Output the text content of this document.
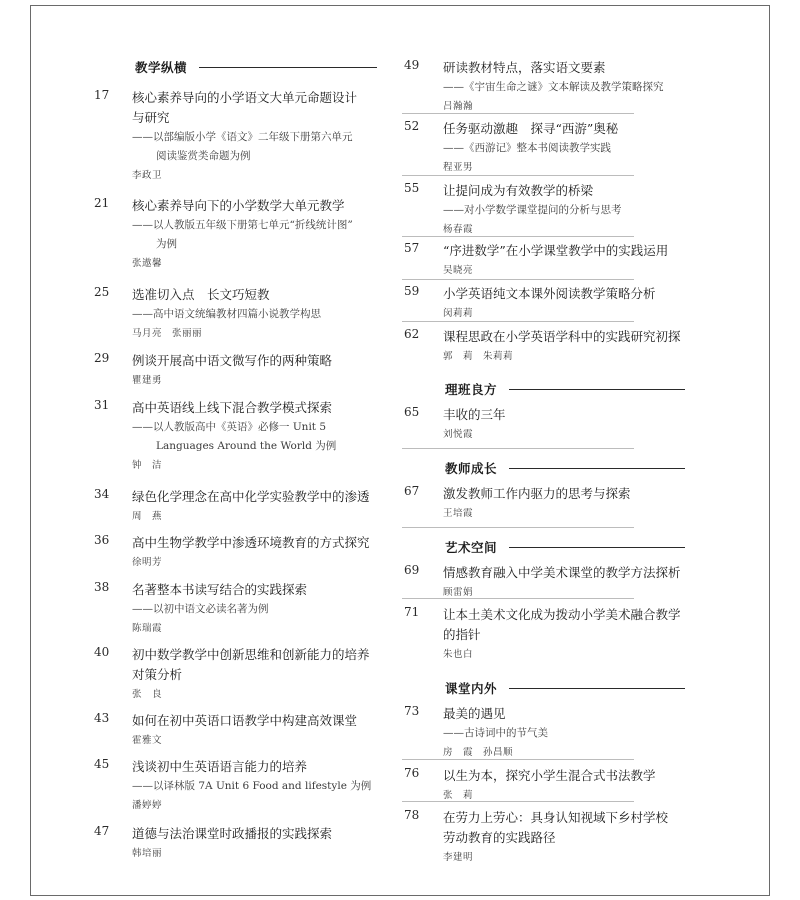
教学纵横
17 核心素养导向的小学语文大单元命题设计
与研究
——以部编版小学《语文》二年级下册第六单元
阅读鉴赏类命题为例
李政卫
21 核心素养导向下的小学数学大单元教学
——以人教版五年级下册第七单元“折线统计图”
为例
张遨馨
25 选准切入点　长文巧短教
——高中语文统编教材四篇小说教学构思
马月亮　张丽丽
29 例谈开展高中语文微写作的两种策略
瞿建勇
31 高中英语线上线下混合教学模式探索
——以人教版高中《英语》必修一 Unit 5
Languages Around the World 为例
钟　洁
34 绿色化学理念在高中化学实验教学中的渗透
周　燕
36 高中生物学教学中渗透环境教育的方式探究
徐明芳
38 名著整本书读写结合的实践探索
——以初中语文必读名著为例
陈瑞霞
40 初中数学教学中创新思维和创新能力的培养
对策分析
张　良
43 如何在初中英语口语教学中构建高效课堂
霍雅文
45 浅谈初中生英语语言能力的培养
——以译林版 7A Unit 6 Food and lifestyle 为例
潘婷婷
47 道德与法治课堂时政播报的实践探索
韩培丽
49 研读教材特点，落实语文要素
——《宇宙生命之谜》文本解读及教学策略探究
吕瀚瀚
52 任务驱动激趣　探寻“西游”奥秘
——《西游记》整本书阅读教学实践
程亚男
55 让提问成为有效教学的桥梁
——对小学数学课堂提问的分析与思考
杨春霞
57 “序进数学”在小学课堂教学中的实践运用
吴晓亮
59 小学英语纯文本课外阅读教学策略分析
闵莉莉
62 课程思政在小学英语学科中的实践研究初探
郭　莉　朱莉莉
理班良方
65 丰收的三年
刘悦霞
教师成长
67 激发教师工作内驱力的思考与探索
王培霞
艺术空间
69 情感教育融入中学美术课堂的教学方法探析
顾雷娟
71 让本土美术文化成为拨动小学美术融合教学
的指针
朱也白
课堂内外
73 最美的遇见
——古诗词中的节气美
房　霞　孙昌顺
76 以生为本，探究小学生混合式书法教学
张　莉
78 在劳力上劳心：具身认知视域下乡村学校
劳动教育的实践路径
李建明
